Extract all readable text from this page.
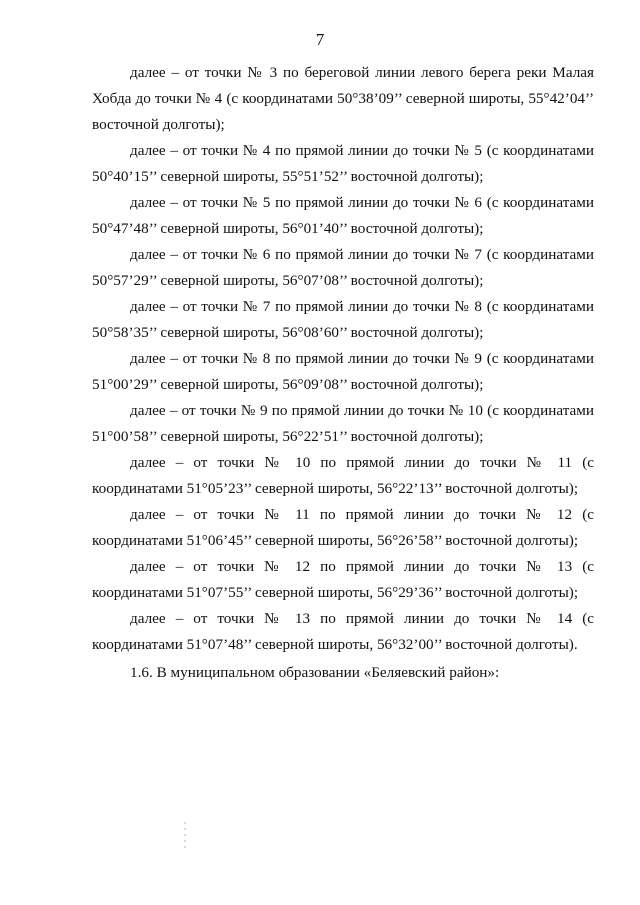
7

далее – от точки № 3 по береговой линии левого берега реки Малая Хобда до точки № 4 (с координатами 50°38’09’’ северной широты, 55°42’04’’ восточной долготы);

далее – от точки № 4 по прямой линии до точки № 5 (с координатами 50°40’15’’ северной широты, 55°51’52’’ восточной долготы);

далее – от точки № 5 по прямой линии до точки № 6 (с координатами 50°47’48’’ северной широты, 56°01’40’’ восточной долготы);

далее – от точки № 6 по прямой линии до точки № 7 (с координатами 50°57’29’’ северной широты, 56°07’08’’ восточной долготы);

далее – от точки № 7 по прямой линии до точки № 8 (с координатами 50°58’35’’ северной широты, 56°08’60’’ восточной долготы);

далее – от точки № 8 по прямой линии до точки № 9 (с координатами 51°00’29’’ северной широты, 56°09’08’’ восточной долготы);

далее – от точки № 9 по прямой линии до точки № 10 (с координатами 51°00’58’’ северной широты, 56°22’51’’ восточной долготы);

далее – от точки № 10 по прямой линии до точки № 11 (с координатами 51°05’23’’ северной широты, 56°22’13’’ восточной долготы);

далее – от точки № 11 по прямой линии до точки № 12 (с координатами 51°06’45’’ северной широты, 56°26’58’’ восточной долготы);

далее – от точки № 12 по прямой линии до точки № 13 (с координатами 51°07’55’’ северной широты, 56°29’36’’ восточной долготы);

далее – от точки № 13 по прямой линии до точки № 14 (с координатами 51°07’48’’ северной широты, 56°32’00’’ восточной долготы).

1.6. В муниципальном образовании «Беляевский район»:
